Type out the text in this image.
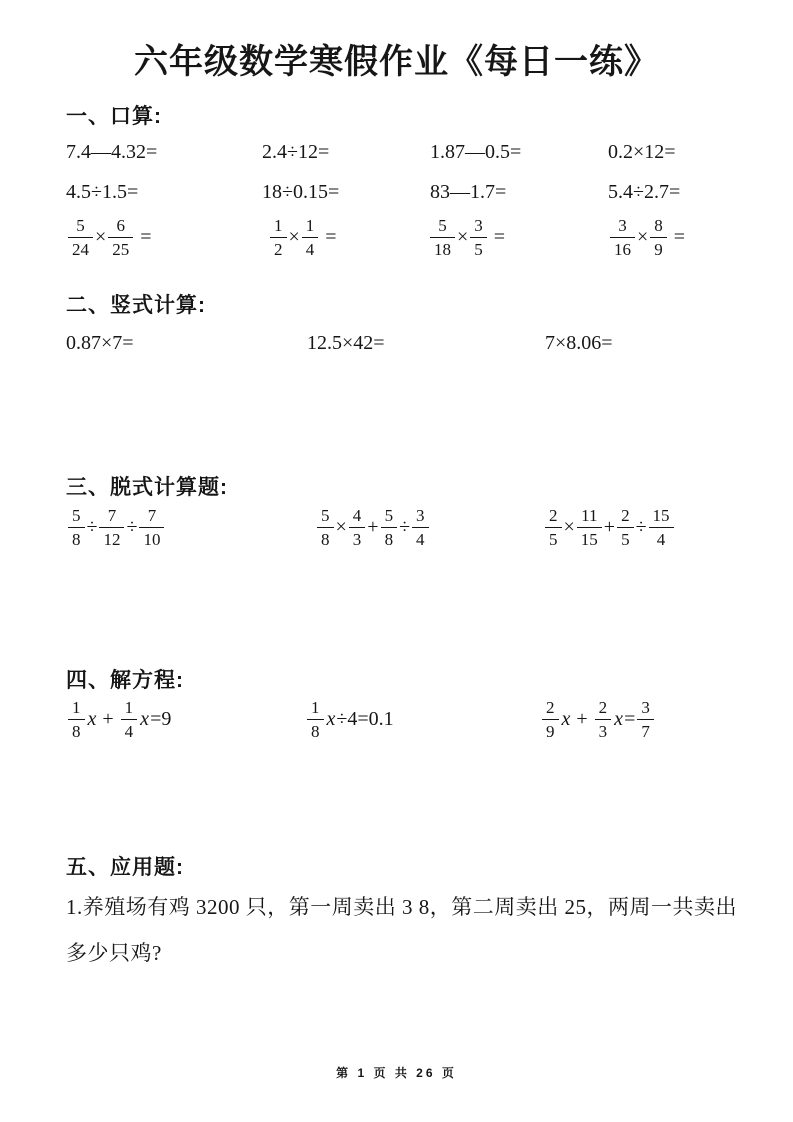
六年级数学寒假作业《每日一练》
一、口算:
7.4—4.32=	2.4÷12=	1.87—0.5=	0.2×12=
4.5÷1.5=	18÷0.15=	83—1.7=	5.4÷2.7=
$\frac{5}{24} \times \frac{6}{25}$ =	$\frac{1}{2} \times \frac{1}{4}$ =	$\frac{5}{18} \times \frac{3}{5}$ =	$\frac{3}{16} \times \frac{8}{9}$ =
二、竖式计算:
0.87×7=	12.5×42=	7×8.06=
三、脱式计算题:
$\frac{5}{8} \div \frac{7}{12} \div \frac{7}{10}$	$\frac{5}{8} \times \frac{4}{3} + \frac{5}{8} \div \frac{3}{4}$	$\frac{2}{5} \times \frac{11}{15} + \frac{2}{5} \div \frac{15}{4}$
四、解方程:
$\frac{1}{8}$ $x + \frac{1}{4}$ x =9	$\frac{1}{8}$ x ÷4=0.1	$\frac{2}{9}$ $x + \frac{2}{3}$ $x = \frac{3}{7}$
五、应用题:
1.养殖场有鸡 3200 只，第一周卖出 3 8，第二周卖出 25，两周一共卖出
多少只鸡?
第 1 页 共 26 页
